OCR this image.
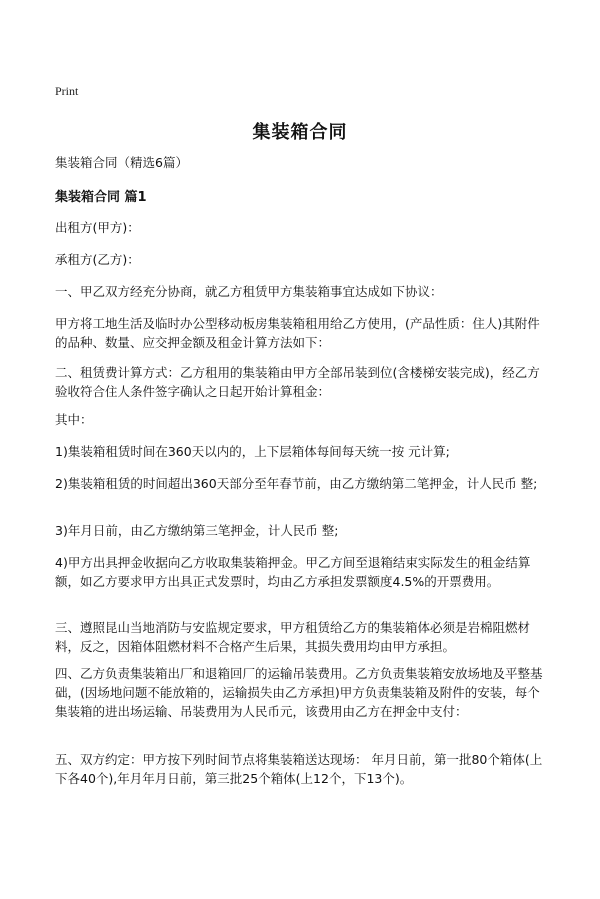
Print
集装箱合同
集装箱合同（精选6篇）
集装箱合同 篇1

出租方(甲方)：

承租方(乙方)：

一、甲乙双方经充分协商，就乙方租赁甲方集装箱事宜达成如下协议：

甲方将工地生活及临时办公型移动板房集装箱租用给乙方使用，(产品性质：住人)其附件的品种、数量、应交押金额及租金计算方法如下：

二、租赁费计算方式：乙方租用的集装箱由甲方全部吊装到位(含楼梯安装完成)，经乙方验收符合住人条件签字确认之日起开始计算租金：

其中：

1)集装箱租赁时间在360天以内的，上下层箱体每间每天统一按 元计算;

2)集装箱租赁的时间超出360天部分至年春节前，由乙方缴纳第二笔押金，计人民币 整;

3)年月日前，由乙方缴纳第三笔押金，计人民币 整;

4)甲方出具押金收据向乙方收取集装箱押金。甲乙方间至退箱结束实际发生的租金结算额，如乙方要求甲方出具正式发票时，均由乙方承担发票额度4.5%的开票费用。

三、遵照昆山当地消防与安监规定要求，甲方租赁给乙方的集装箱体必须是岩棉阻燃材料，反之，因箱体阻燃材料不合格产生后果，其损失费用均由甲方承担。

四、乙方负责集装箱出厂和退箱回厂的运输吊装费用。乙方负责集装箱安放场地及平整基础，(因场地问题不能放箱的，运输损失由乙方承担)甲方负责集装箱及附件的安装，每个集装箱的进出场运输、吊装费用为人民币元，该费用由乙方在押金中支付：

五、双方约定：甲方按下列时间节点将集装箱送达现场： 年月日前，第一批80个箱体(上下各40个),年月年月日前，第三批25个箱体(上12个，下13个)。
